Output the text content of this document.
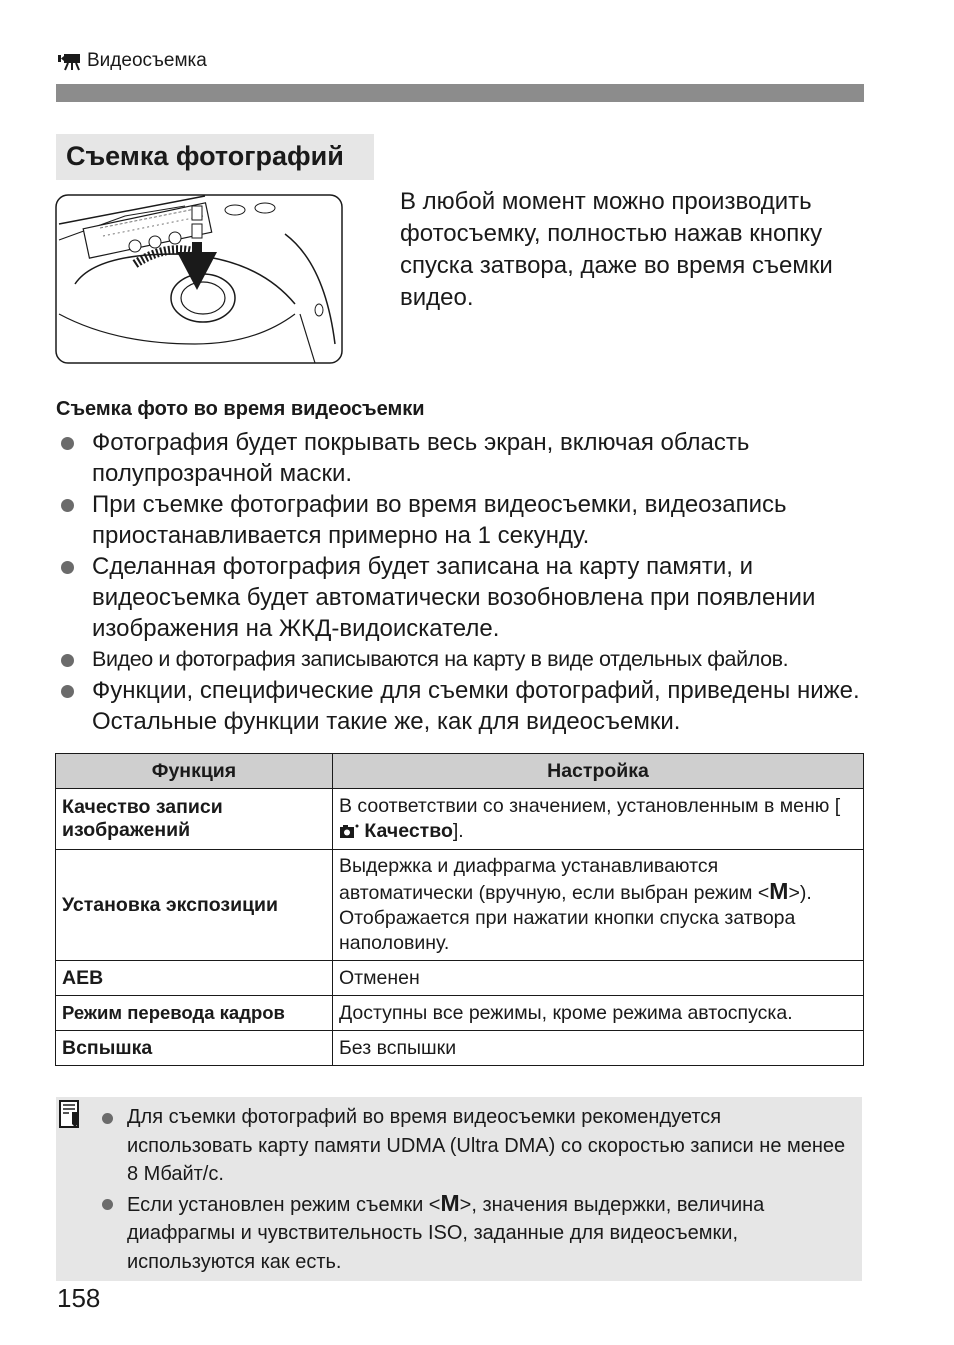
Видеосъемка
Съемка фотографий

В любой момент можно производить фотосъемку, полностью нажав кнопку спуска затвора, даже во время съемки видео.

Съемка фото во время видеосъемки
Фотография будет покрывать весь экран, включая область полупрозрачной маски.
При съемке фотографии во время видеосъемки, видеозапись приостанавливается примерно на 1 секунду.
Сделанная фотография будет записана на карту памяти, и видеосъемка будет автоматически возобновлена при появлении изображения на ЖКД-видоискателе.
Видео и фотография записываются на карту в виде отдельных файлов.
Функции, специфические для съемки фотографий, приведены ниже. Остальные функции такие же, как для видеосъемки.
Функция	Настройка
Качество записи изображений	В соответствии со значением, установленным в меню [ Качество].
Установка экспозиции	Выдержка и диафрагма устанавливаются автоматически (вручную, если выбран режим <M>). Отображается при нажатии кнопки спуска затвора наполовину.
AEB	Отменен
Режим перевода кадров	Доступны все режимы, кроме режима автоспуска.
Вспышка	Без вспышки
Для съемки фотографий во время видеосъемки рекомендуется использовать карту памяти UDMA (Ultra DMA) со скоростью записи не менее 8 Мбайт/с.
Если установлен режим съемки <M>, значения выдержки, величина диафрагмы и чувствительность ISO, заданные для видеосъемки, используются как есть.
158
